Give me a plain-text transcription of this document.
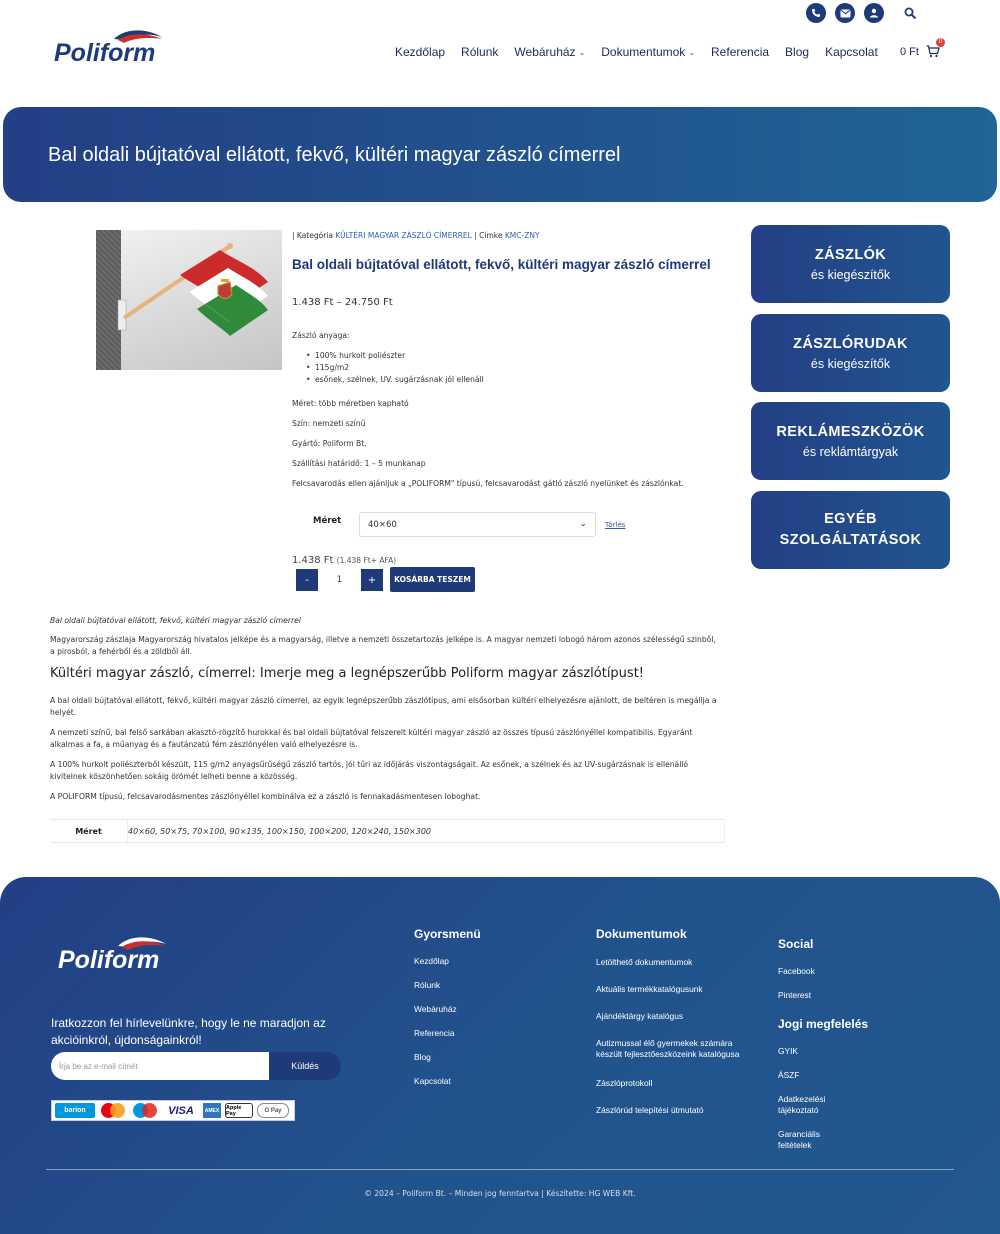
Poliform	Kezdőlap Rólunk Webáruház ⌄ Dokumentumok ⌄ Referencia Blog Kapcsolat 0 Ft
0
Bal oldali bújtatóval ellátott, fekvő, kültéri magyar zászló címerrel
| Kategória KÜLTÉRI MAGYAR ZÁSZLÓ CÍMERREL | Címke KMC-ZNY
Bal oldali bújtatóval ellátott, fekvő, kültéri magyar zászló címerrel
1.438 Ft – 24.750 Ft
Zászló anyaga:
• 100% hurkolt poliészter
• 115g/m2
• esőnek, szélnek, UV. sugárzásnak jól ellenáll
Méret: több méretben kapható
Szín: nemzeti színű
Gyártó: Poliform Bt.
Szállítási határidő: 1 – 5 munkanap
Felcsavarodás ellen ajánljuk a „POLIFORM" típusú, felcsavarodást gátló zászló nyelünket és zászlónkat.
Méret	40×60	⌄	Törlés
1.438 Ft (1.438 Ft+ ÁFA)
-	1	+	KOSÁRBA TESZEM
ZÁSZLÓK
és kiegészítők
ZÁSZLÓRUDAK
és kiegészítők
REKLÁMESZKÖZÖK
és reklámtárgyak
EGYÉB SZOLGÁLTATÁSOK
Bal oldali bújtatóval ellátott, fekvő, kültéri magyar zászló címerrel
Magyarország zászlaja Magyarország hivatalos jelképe és a magyarság, illetve a nemzeti összetartozás jelképe is. A magyar nemzeti lobogó három azonos szélességű szinből, a pirosból, a fehérből és a zöldből áll.
Kültéri magyar zászló, címerrel: Imerje meg a legnépszerűbb Poliform magyar zászlótípust!
A bal oldali bújtatóval ellátott, fekvő, kültéri magyar zászló címerrel, az egyik legnépszerűbb zászlótípus, ami elsősorban kültéri elhelyezésre ajánlott, de beltéren is megállja a helyét.
A nemzeti színű, bal felső sarkában akasztó-rögzítő hurokkal és bal oldali bújtatóval felszerelt kültéri magyar zászló az összes típusú zászlónyéllel kompatibilis. Egyaránt alkalmas a fa, a műanyag és a fautánzatú fém zászlónyélen való elhelyezésre is.
A 100% hurkolt poliészterből készült, 115 g/m2 anyagsűrűségű zászló tartós, jól tűri az időjárás viszontagságait. Az esőnek, a szélnek és az UV-sugárzásnak is ellenálló kivitelnek köszönhetően sokáig örömét lelheti benne a közösség.
A POLIFORM típusú, felcsavarodásmentes zászlónyéllel kombinálva ez a zászló is fennakadásmentesen loboghat.
Méret	40×60, 50×75, 70×100, 90×135, 100×150, 100×200, 120×240, 150×300
Poliform
Iratkozzon fel hírlevelünkre, hogy le ne maradjon az akcióinkról, újdonságainkról!
Írja be az e-mail címét	Küldés
barion	VISA AMEX Apple Pay	G Pay
Gyorsmenü
Kezdőlap
Rólunk
Webáruház
Referencia
Blog
Kapcsolat
Dokumentumok
Letölthető dokumentumok
Aktuális termékkatalógusunk
Ajándéktárgy katalógus
Autizmussal élő gyermekek számára készült fejlesztőeszközeink katalógusa
Zászlóprotokoll
Zászlórúd telepítési útmutató
Social
Facebook
Pinterest
Jogi megfelelés
GYIK
ÁSZF
Adatkezelési tájékoztató
Garanciális feltételek
© 2024 – Poliform Bt. – Minden jog fenntartva | Készítette: HG WEB Kft.
